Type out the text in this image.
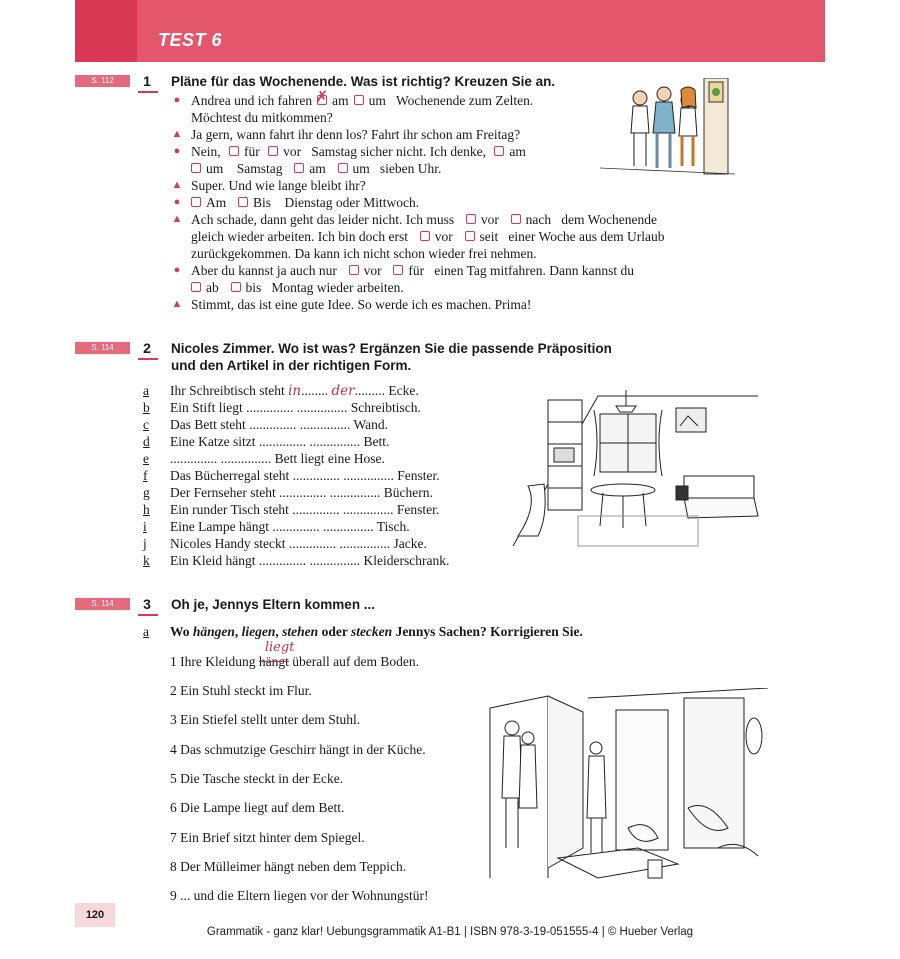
TEST 6
S. 112	1	Pläne für das Wochenende. Was ist richtig? Kreuzen Sie an.
● Andrea und ich fahren✗ am um Wochenende zum Zelten.
Möchtest du mitkommen?
▲ Ja gern, wann fahrt ihr denn los? Fahrt ihr schon am Freitag?
● Nein, für vor Samstag sicher nicht. Ich denke, am
um Samstag am um sieben Uhr.
▲ Super. Und wie lange bleibt ihr?
●	Am Bis Dienstag oder Mittwoch.
▲ Ach schade, dann geht das leider nicht. Ich muss vor nach dem Wochenende
gleich wieder arbeiten. Ich bin doch erst vor seit einer Woche aus dem Urlaub
zurückgekommen. Da kann ich nicht schon wieder frei nehmen.
● Aber du kannst ja auch nur vor für einen Tag mitfahren. Dann kannst du
ab bis Montag wieder arbeiten.
▲ Stimmt, das ist eine gute Idee. So werde ich es machen. Prima!
S. 114	2	Nicoles Zimmer. Wo ist was? Ergänzen Sie die passende Präposition
und den Artikel in der richtigen Form.
a Ihr Schreibtisch steht in........ der......... Ecke.
b Ein Stift liegt .............. ............... Schreibtisch.
c Das Bett steht .............. ............... Wand.
d Eine Katze sitzt .............. ............... Bett.
e .............. ............... Bett liegt eine Hose.
f	Das Bücherregal steht .............. ............... Fenster.
g Der Fernseher steht .............. ............... Büchern.
h Ein runder Tisch steht .............. ............... Fenster.
i	Eine Lampe hängt .............. ............... Tisch.
j	Nicoles Handy steckt .............. ............... Jacke.
k Ein Kleid hängt .............. ............... Kleiderschrank.
S. 114	3	Oh je, Jennys Eltern kommen ...
a Wo hängen, liegen, stehen oder stecken Jennys Sachen? Korrigieren Sie.
1 Ihre Kleidung hängt
liegt
überall auf dem Boden.
2 Ein Stuhl steckt im Flur.
3 Ein Stiefel stellt unter dem Stuhl.
4 Das schmutzige Geschirr hängt in der Küche.
5 Die Tasche steckt in der Ecke.
6 Die Lampe liegt auf dem Bett.
7 Ein Brief sitzt hinter dem Spiegel.
8 Der Mülleimer hängt neben dem Teppich.
9 ... und die Eltern liegen vor der Wohnungstür!
120
Grammatik - ganz klar! Uebungsgrammatik A1-B1 | ISBN 978-3-19-051555-4 | © Hueber Verlag
